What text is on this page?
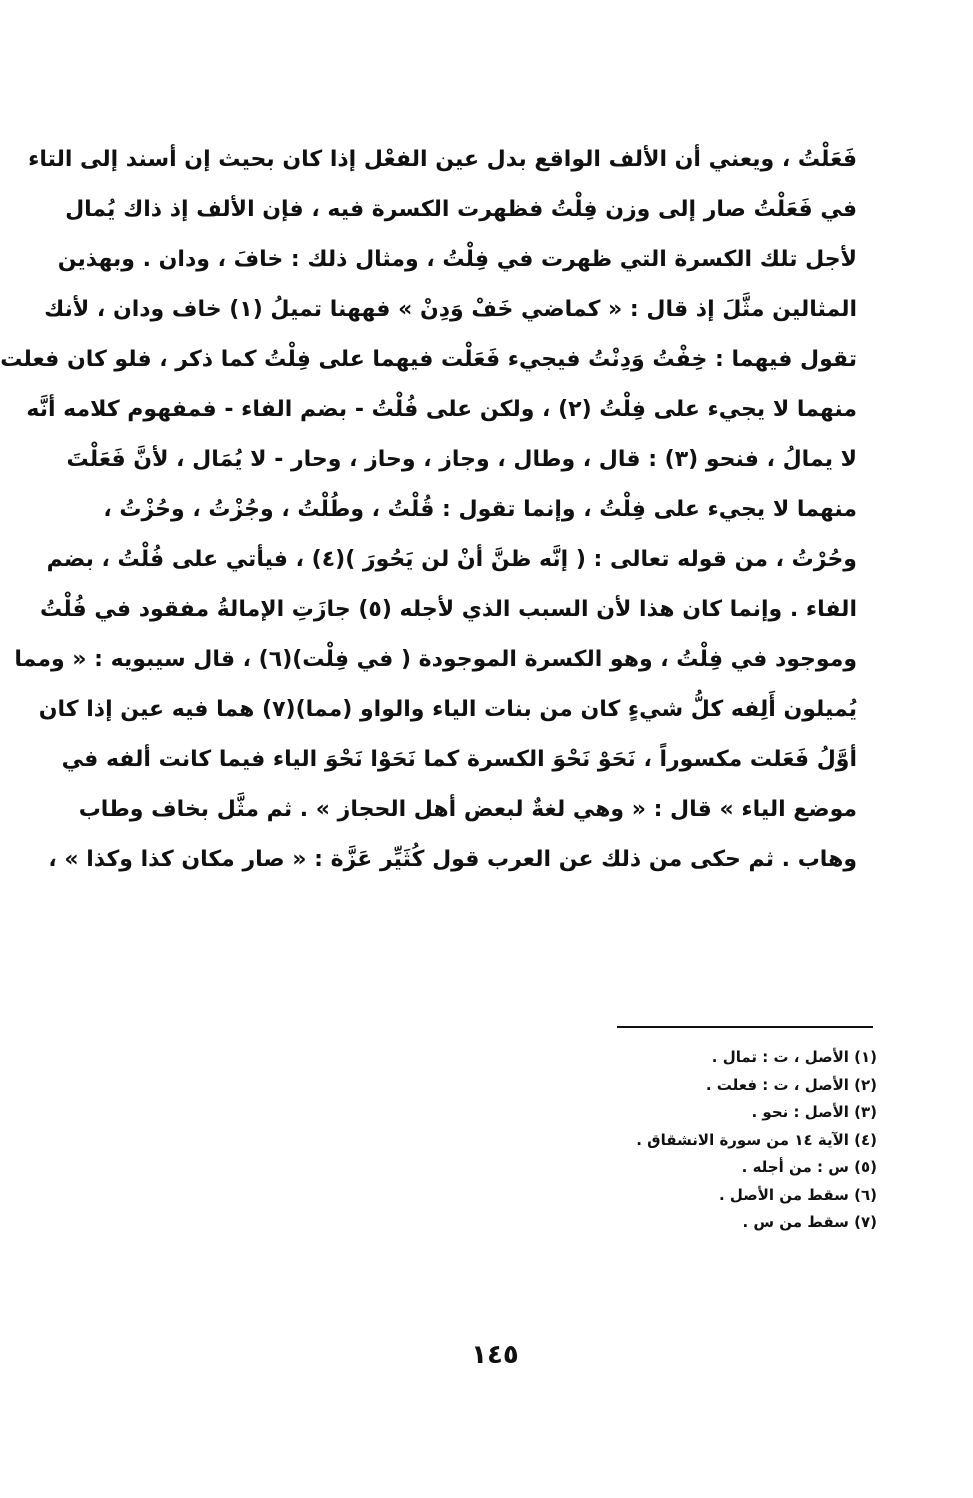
فَعَلْتُ ، ويعني أن الألف الواقع بدل عين الفعْل إذا كان بحيث إن أسند إلى التاء
في فَعَلْتُ صار إلى وزن فِلْتُ فظهرت الكسرة فيه ، فإن الألف إذ ذاك يُمال
لأجل تلك الكسرة التي ظهرت في فِلْتُ ، ومثال ذلك : خافَ ، ودان . وبهذين
المثالين مثَّلَ إذ قال : « كماضي خَفْ وَدِنْ » فههنا تميلُ (١) خاف ودان ، لأنك
تقول فيهما : خِفْتُ وَدِنْتُ فيجيء فَعَلْت فيهما على فِلْتُ كما ذكر ، فلو كان فعلت
منهما لا يجيء على فِلْتُ (٢) ، ولكن على فُلْتُ - بضم الفاء - فمفهوم كلامه أنَّه
لا يمالُ ، فنحو (٣) : قال ، وطال ، وجاز ، وحاز ، وحار - لا يُمَال ، لأنَّ فَعَلْتَ
منهما لا يجيء على فِلْتُ ، وإنما تقول : قُلْتُ ، وطُلْتُ ، وجُزْتُ ، وحُزْتُ ،
وحُرْتُ ، من قوله تعالى : ( إنَّه ظنَّ أنْ لن يَحُورَ )(٤) ، فيأتي على فُلْتُ ، بضم
الفاء . وإنما كان هذا لأن السبب الذي لأجله (٥) جازَتِ الإمالةُ مفقود في فُلْتُ
وموجود في فِلْتُ ، وهو الكسرة الموجودة ( في فِلْت)(٦) ، قال سيبويه : « ومما
يُميلون أَلِفه كلُّ شيءٍ كان من بنات الياء والواو (مما)(٧) هما فيه عين إذا كان
أوَّلُ فَعَلت مكسوراً ، نَحَوْ نَحْوَ الكسرة كما نَحَوْا نَحْوَ الياء فيما كانت ألفه في
موضع الياء » قال : « وهي لغةٌ لبعض أهل الحجاز » . ثم مثَّل بخاف وطاب
وهاب . ثم حكى من ذلك عن العرب قول كُثَيِّر عَزَّة : « صار مكان كذا وكذا » ،
(١) الأصل ، ت : تمال .
(٢) الأصل ، ت : فعلت .
(٣) الأصل : نحو .
(٤) الآية ١٤ من سورة الانشقاق .
(٥) س : من أجله .
(٦) سقط من الأصل .
(٧) سقط من س .
١٤٥
